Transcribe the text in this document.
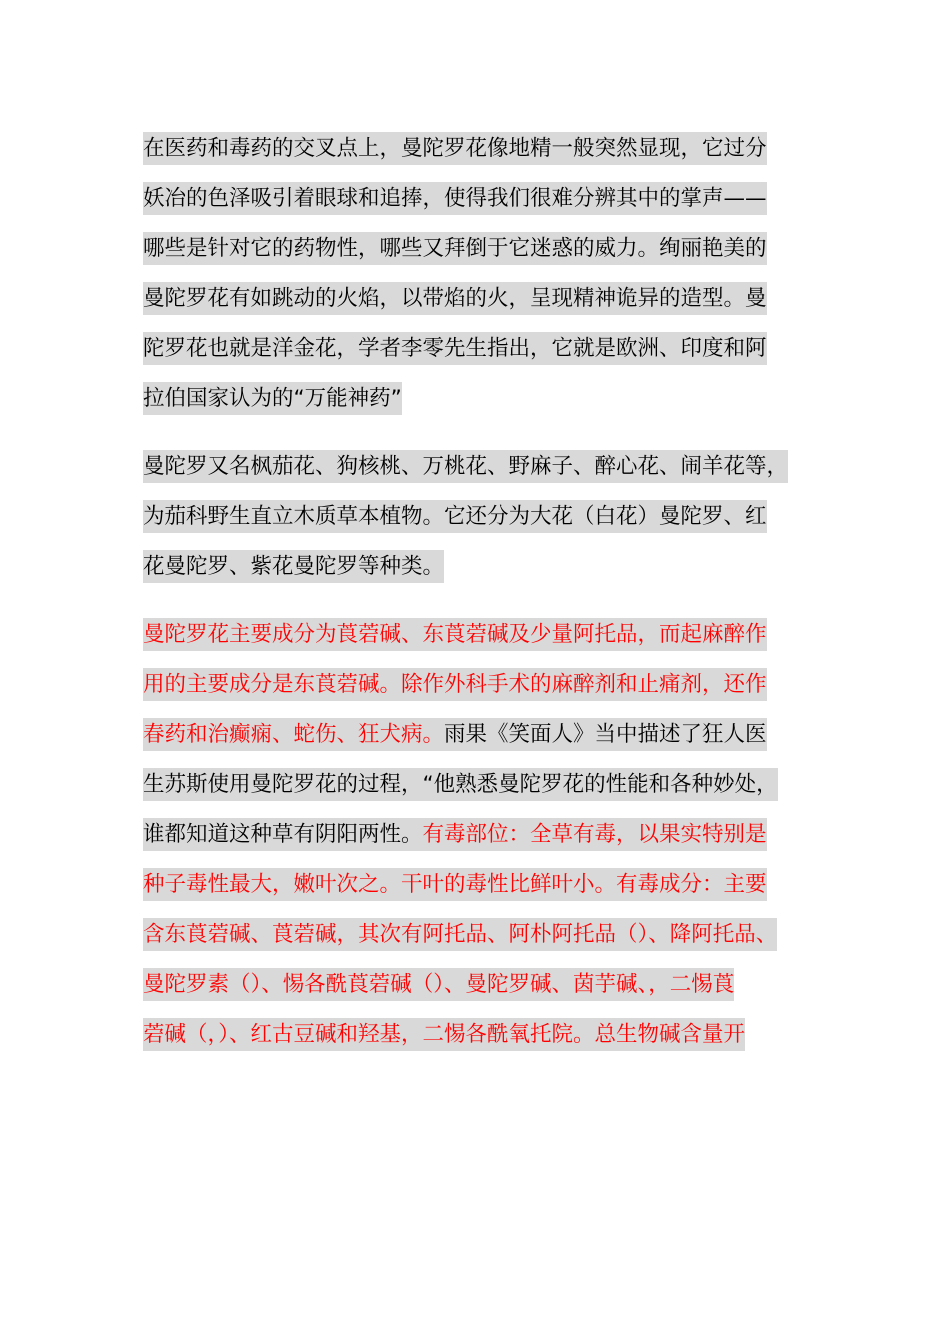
在医药和毒药的交叉点上，曼陀罗花像地精一般突然显现，它过分
妖冶的色泽吸引着眼球和追捧，使得我们很难分辨其中的掌声——
哪些是针对它的药物性，哪些又拜倒于它迷惑的威力。绚丽艳美的
曼陀罗花有如跳动的火焰，以带焰的火，呈现精神诡异的造型。曼
陀罗花也就是洋金花，学者李零先生指出，它就是欧洲、印度和阿
拉伯国家认为的“万能神药”
曼陀罗又名枫茄花、狗核桃、万桃花、野麻子、醉心花、闹羊花等，
为茄科野生直立木质草本植物。它还分为大花（白花）曼陀罗、红
花曼陀罗、紫花曼陀罗等种类。
曼陀罗花主要成分为莨菪碱、东莨菪碱及少量阿托品，而起麻醉作
用的主要成分是东莨菪碱。除作外科手术的麻醉剂和止痛剂，还作
春药和治癫痫、蛇伤、狂犬病。雨果《笑面人》当中描述了狂人医
生苏斯使用曼陀罗花的过程，“他熟悉曼陀罗花的性能和各种妙处，
谁都知道这种草有阴阳两性。有毒部位：全草有毒，以果实特别是
种子毒性最大，嫩叶次之。干叶的毒性比鲜叶小。有毒成分：主要
含东莨菪碱、莨菪碱，其次有阿托品、阿朴阿托品（）、降阿托品、
曼陀罗素（）、惕各酰莨菪碱（）、曼陀罗碱、茵芋碱、，二惕莨
菪碱（，）、红古豆碱和羟基，二惕各酰氧托院。总生物碱含量开
